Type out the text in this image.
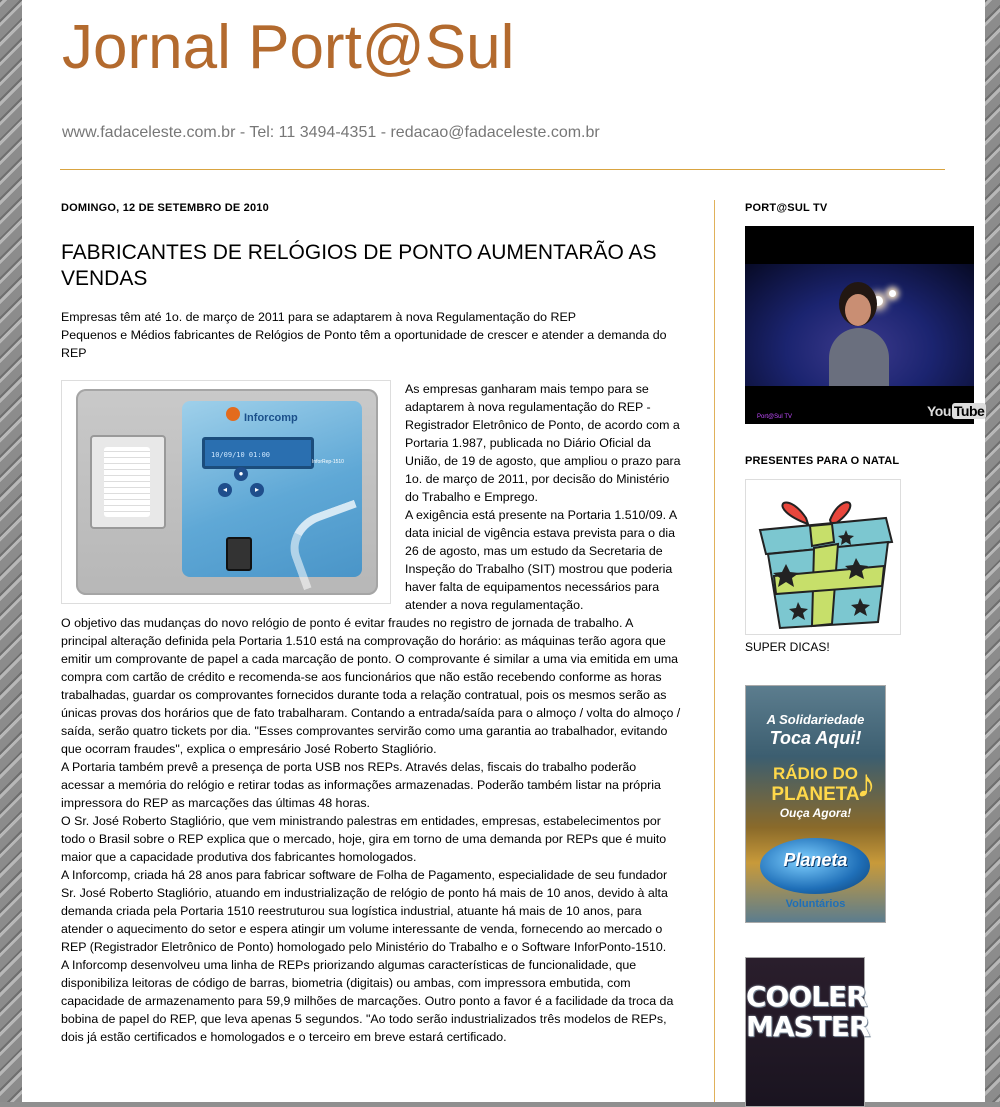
Jornal Port@Sul

www.fadaceleste.com.br - Tel: 11 3494-4351 - redacao@fadaceleste.com.br

DOMINGO, 12 DE SETEMBRO DE 2010
FABRICANTES DE RELÓGIOS DE PONTO AUMENTARÃO AS VENDAS

Empresas têm até 1o. de março de 2011 para se adaptarem à nova Regulamentação do REP

Pequenos e Médios fabricantes de Relógios de Ponto têm a oportunidade de crescer e atender a demanda do REP

Inforcomp
10/09/10 01:00
InforRep-1510
●
◂	▸

As empresas ganharam mais tempo para se adaptarem à nova regulamentação do REP - Registrador Eletrônico de Ponto, de acordo com a Portaria 1.987, publicada no Diário Oficial da União, de 19 de agosto, que ampliou o prazo para 1o. de março de 2011, por decisão do Ministério do Trabalho e Emprego.

A exigência está presente na Portaria 1.510/09. A data inicial de vigência estava prevista para o dia 26 de agosto, mas um estudo da Secretaria de Inspeção do Trabalho (SIT) mostrou que poderia haver falta de equipamentos necessários para atender a nova regulamentação.

O objetivo das mudanças do novo relógio de ponto é evitar fraudes no registro de jornada de trabalho. A principal alteração definida pela Portaria 1.510 está na comprovação do horário: as máquinas terão agora que emitir um comprovante de papel a cada marcação de ponto. O comprovante é similar a uma via emitida em uma compra com cartão de crédito e recomenda-se aos funcionários que não estão recebendo conforme as horas trabalhadas, guardar os comprovantes fornecidos durante toda a relação contratual, pois os mesmos serão as únicas provas dos horários que de fato trabalharam. Contando a entrada/saída para o almoço / volta do almoço / saída, serão quatro tickets por dia. "Esses comprovantes servirão como uma garantia ao trabalhador, evitando que ocorram fraudes", explica o empresário José Roberto Stagliório.

A Portaria também prevê a presença de porta USB nos REPs. Através delas, fiscais do trabalho poderão acessar a memória do relógio e retirar todas as informações armazenadas. Poderão também listar na própria impressora do REP as marcações das últimas 48 horas.

O Sr. José Roberto Stagliório, que vem ministrando palestras em entidades, empresas, estabelecimentos por todo o Brasil sobre o REP explica que o mercado, hoje, gira em torno de uma demanda por REPs que é muito maior que a capacidade produtiva dos fabricantes homologados.

A Inforcomp, criada há 28 anos para fabricar software de Folha de Pagamento, especialidade de seu fundador Sr. José Roberto Stagliório, atuando em industrialização de relógio de ponto há mais de 10 anos, devido à alta demanda criada pela Portaria 1510 reestruturou sua logística industrial, atuante há mais de 10 anos, para atender o aquecimento do setor e espera atingir um volume interessante de venda, fornecendo ao mercado o REP (Registrador Eletrônico de Ponto) homologado pelo Ministério do Trabalho e o Software InforPonto-1510.

A Inforcomp desenvolveu uma linha de REPs priorizando algumas características de funcionalidade, que disponibiliza leitoras de código de barras, biometria (digitais) ou ambas, com impressora embutida, com capacidade de armazenamento para 59,9 milhões de marcações. Outro ponto a favor é a facilidade da troca da bobina de papel do REP, que leva apenas 5 segundos. "Ao todo serão industrializados três modelos de REPs, dois já estão certificados e homologados e o terceiro em breve estará certificado.

PORT@SUL TV
Port@Sul TV	You Tube
PRESENTES PARA O NATAL
SUPER DICAS!
A Solidariedade
Toca Aqui!
RÁDIO DO
PLANETA
Ouça Agora!
♪
Planeta
Voluntários
COOLER
MASTER
